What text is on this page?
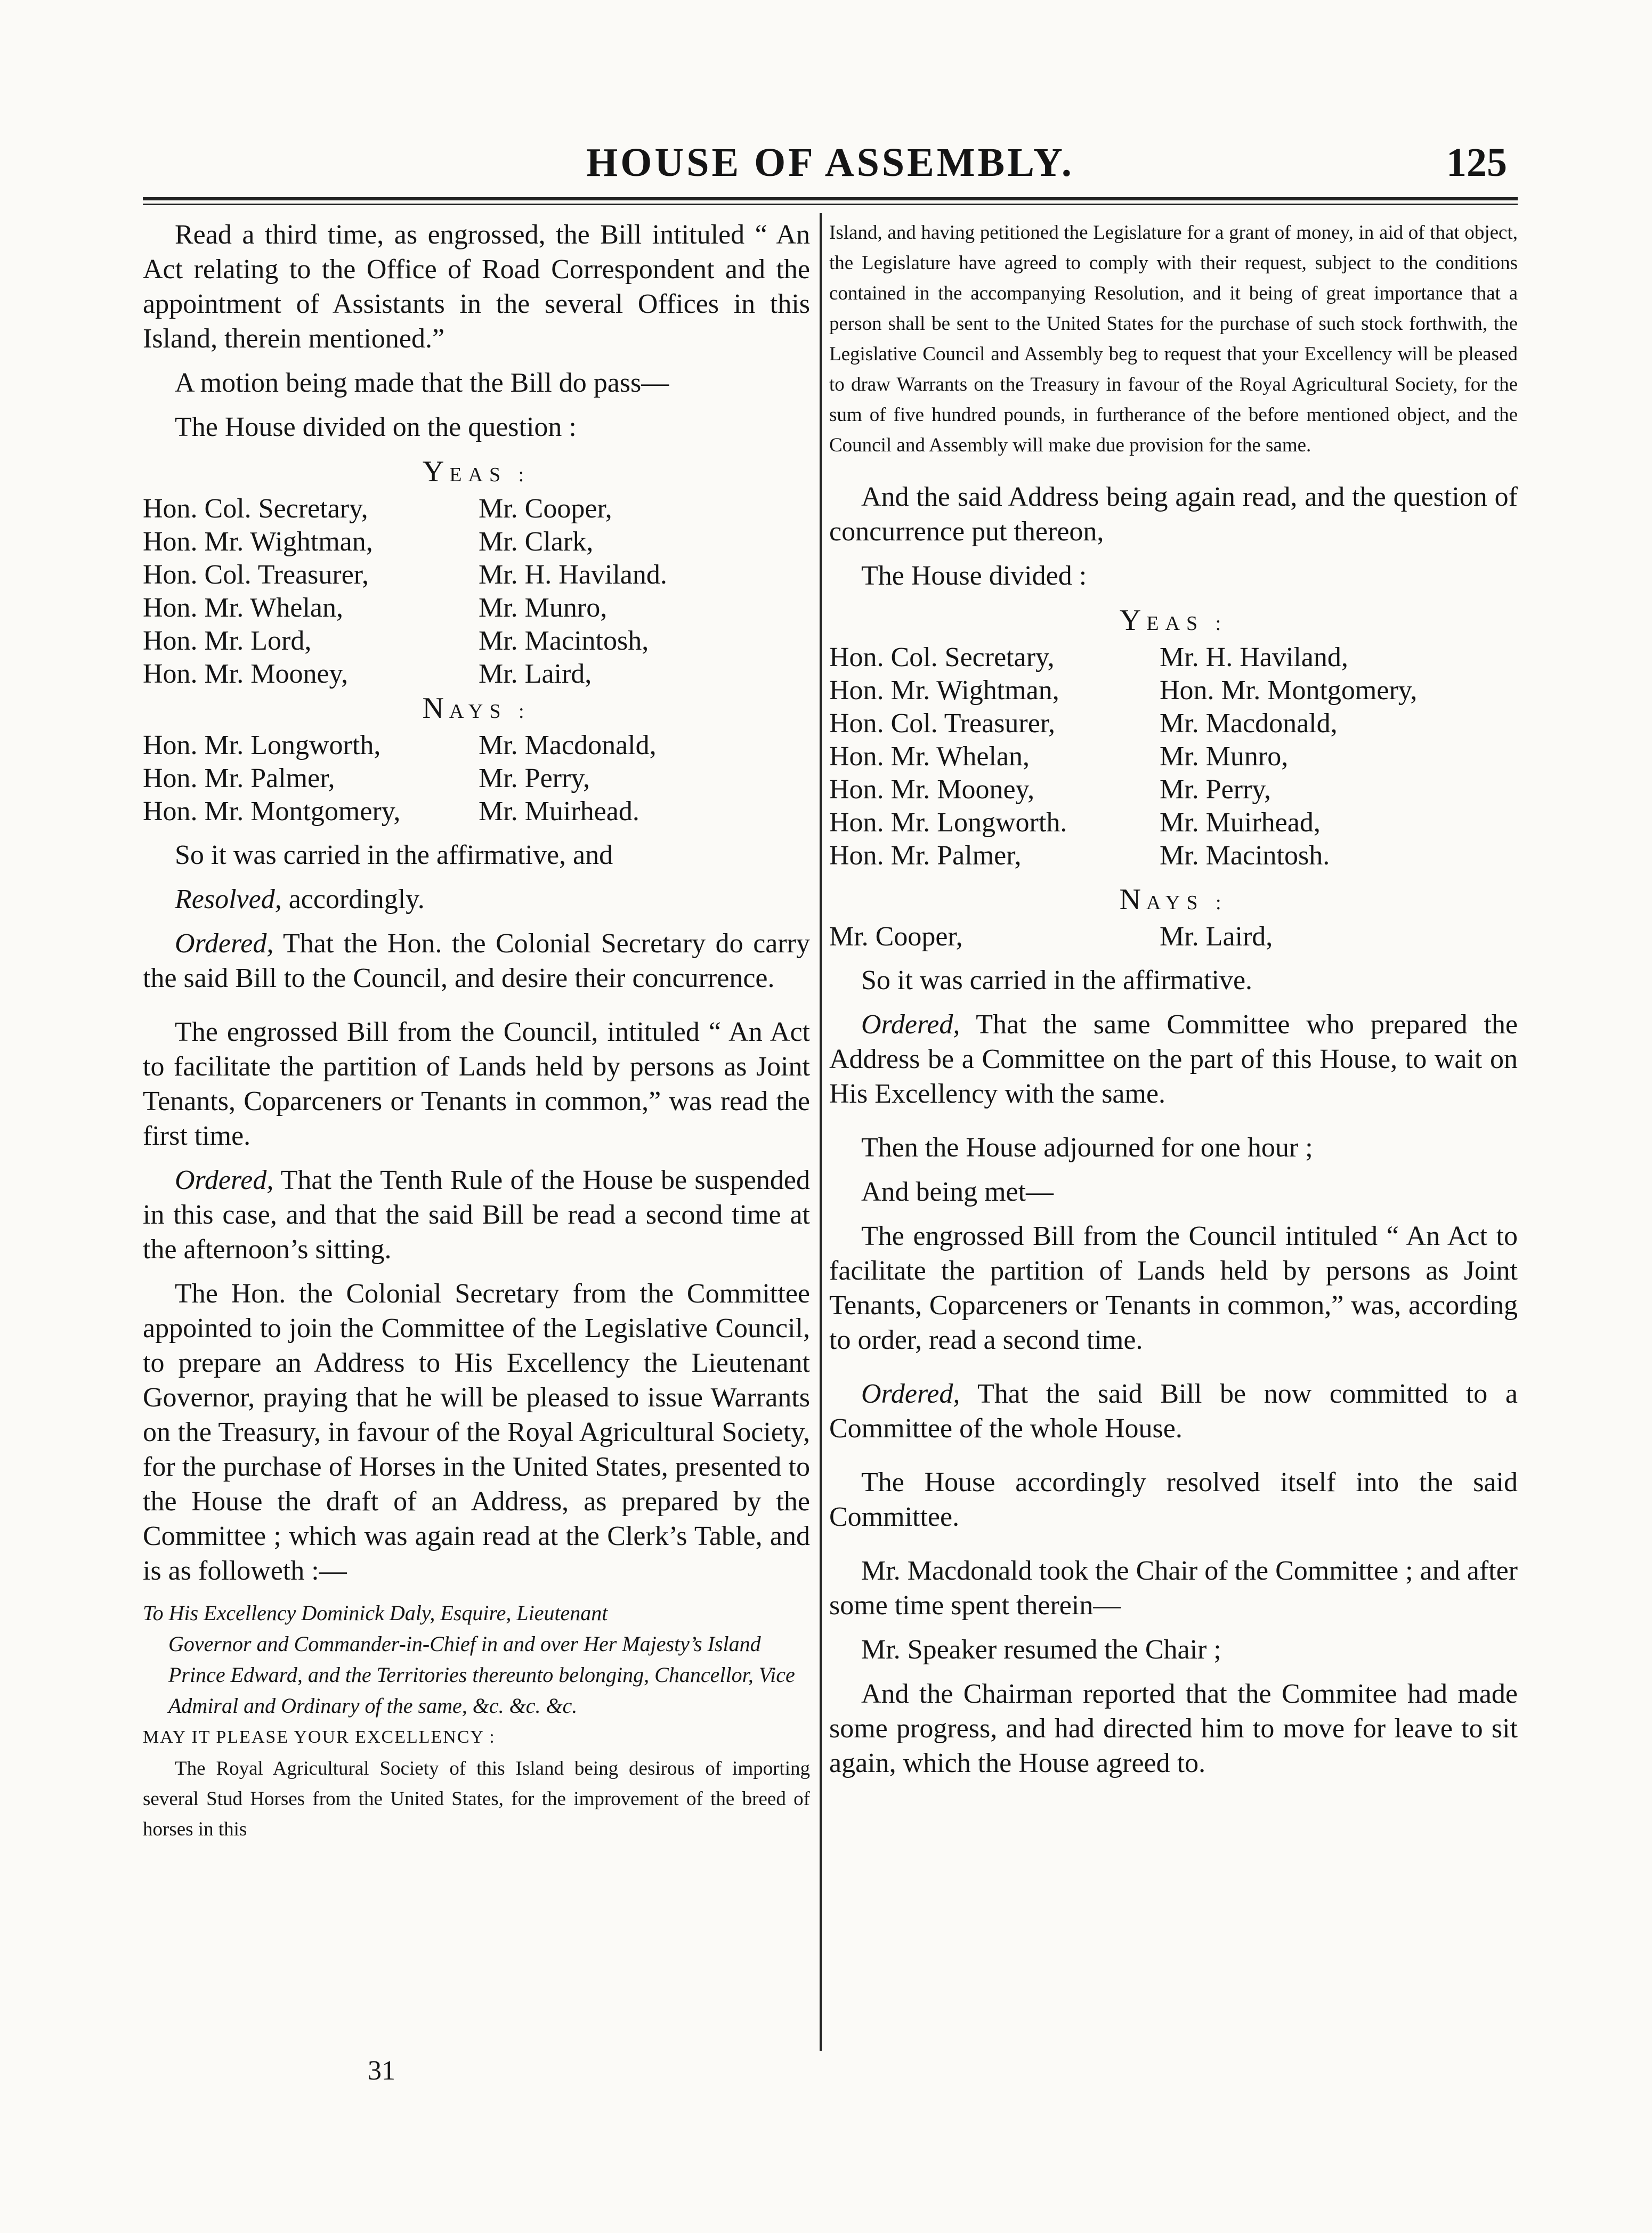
HOUSE OF ASSEMBLY.	125

Read a third time, as engrossed, the Bill intituled “ An Act relating to the Office of Road Correspondent and the appointment of Assistants in the several Offices in this Island, therein mentioned.”

A motion being made that the Bill do pass—

The House divided on the question :

YEAS :
Hon. Col. Secretary,	Mr. Cooper,
Hon. Mr. Wightman,	Mr. Clark,
Hon. Col. Treasurer,	Mr. H. Haviland.
Hon. Mr. Whelan,	Mr. Munro,
Hon. Mr. Lord,	Mr. Macintosh,
Hon. Mr. Mooney,	Mr. Laird,
NAYS :
Hon. Mr. Longworth,	Mr. Macdonald,
Hon. Mr. Palmer,	Mr. Perry,
Hon. Mr. Montgomery,	Mr. Muirhead.

So it was carried in the affirmative, and

Resolved, accordingly.

Ordered, That the Hon. the Colonial Secretary do carry the said Bill to the Council, and desire their concurrence.

The engrossed Bill from the Council, intituled “ An Act to facilitate the partition of Lands held by persons as Joint Tenants, Coparceners or Tenants in common,” was read the first time.

Ordered, That the Tenth Rule of the House be suspended in this case, and that the said Bill be read a second time at the afternoon’s sitting.

The Hon. the Colonial Secretary from the Committee appointed to join the Committee of the Legislative Council, to prepare an Address to His Excellency the Lieutenant Governor, praying that he will be pleased to issue Warrants on the Treasury, in favour of the Royal Agricultural Society, for the purchase of Horses in the United States, presented to the House the draft of an Address, as prepared by the Committee ; which was again read at the Clerk’s Table, and is as followeth :—

To His Excellency Dominick Daly, Esquire, Lieutenant
Governor and Commander-in-Chief in and over Her Majesty’s Island Prince Edward, and the Territories thereunto belonging, Chancellor, Vice Admiral and Ordinary of the same, &c. &c. &c.

MAY IT PLEASE YOUR EXCELLENCY :

The Royal Agricultural Society of this Island being desirous of importing several Stud Horses from the United States, for the improvement of the breed of horses in this

Island, and having petitioned the Legislature for a grant of money, in aid of that object, the Legislature have agreed to comply with their request, subject to the conditions contained in the accompanying Resolution, and it being of great importance that a person shall be sent to the United States for the purchase of such stock forthwith, the Legislative Council and Assembly beg to request that your Excellency will be pleased to draw Warrants on the Treasury in favour of the Royal Agricultural Society, for the sum of five hundred pounds, in furtherance of the before mentioned object, and the Council and Assembly will make due provision for the same.

And the said Address being again read, and the question of concurrence put thereon,

The House divided :

YEAS :
Hon. Col. Secretary,	Mr. H. Haviland,
Hon. Mr. Wightman,	Hon. Mr. Montgomery,
Hon. Col. Treasurer,	Mr. Macdonald,
Hon. Mr. Whelan,	Mr. Munro,
Hon. Mr. Mooney,	Mr. Perry,
Hon. Mr. Longworth.	Mr. Muirhead,
Hon. Mr. Palmer,	Mr. Macintosh.
NAYS :
Mr. Cooper,	Mr. Laird,

So it was carried in the affirmative.

Ordered, That the same Committee who prepared the Address be a Committee on the part of this House, to wait on His Excellency with the same.

Then the House adjourned for one hour ;

And being met—

The engrossed Bill from the Council intituled “ An Act to facilitate the partition of Lands held by persons as Joint Tenants, Coparceners or Tenants in common,” was, according to order, read a second time.

Ordered, That the said Bill be now committed to a Committee of the whole House.

The House accordingly resolved itself into the said Committee.

Mr. Macdonald took the Chair of the Committee ; and after some time spent therein—

Mr. Speaker resumed the Chair ;

And the Chairman reported that the Commitee had made some progress, and had directed him to move for leave to sit again, which the House agreed to.

31
